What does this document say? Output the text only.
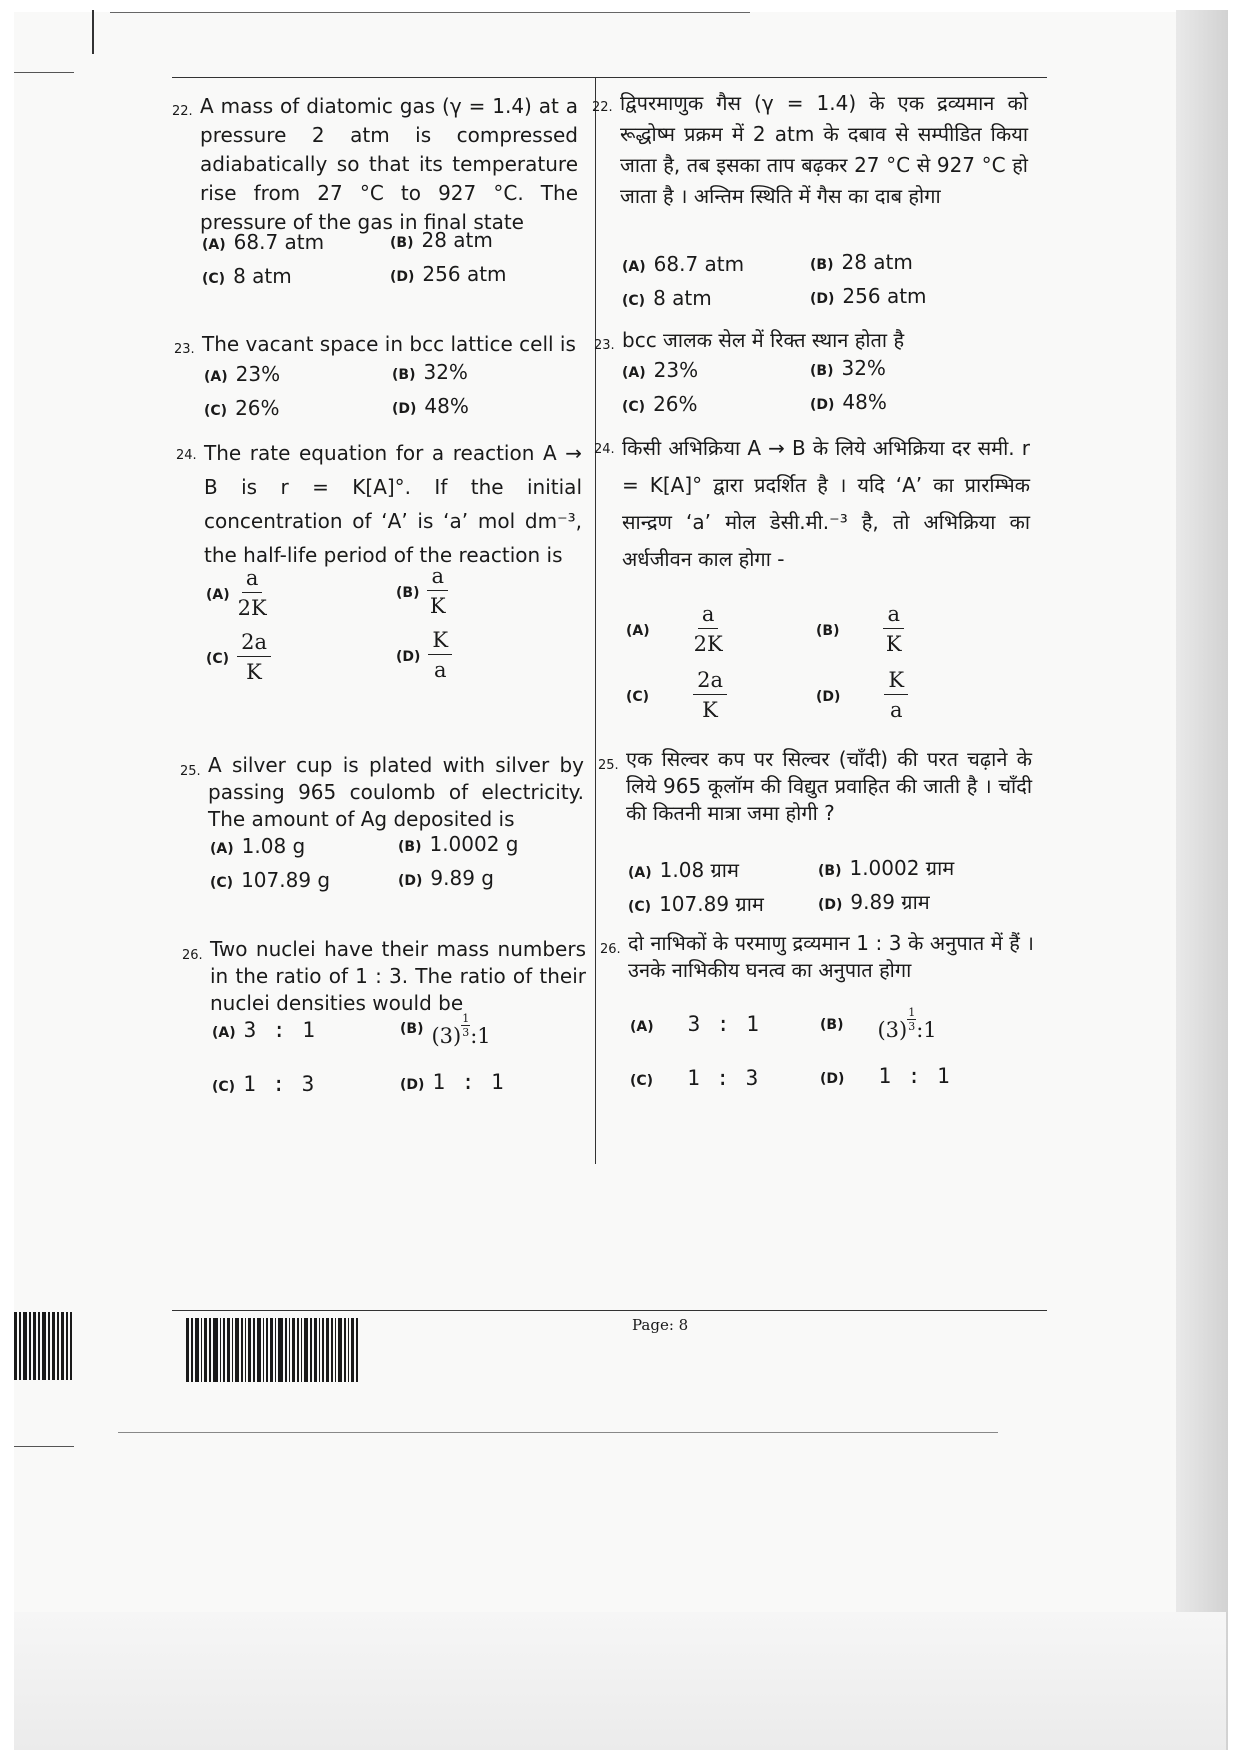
22. A mass of diatomic gas (γ = 1.4) at a pressure 2 atm is compressed adiabatically so that its temperature rise from 27 °C to 927 °C. The pressure of the gas in final state
(A) 68.7 atm	(B) 28 atm
(C) 8 atm	(D) 256 atm
23. The vacant space in bcc lattice cell is
(A) 23%	(B) 32%
(C) 26%	(D) 48%
24. The rate equation for a reaction A → B is r = K[A]°. If the initial concentration of ‘A’ is ‘a’ mol dm⁻³, the half-life period of the reaction is
$(A) \frac{a}{2K}$	$(B) \frac{a}{K}$
$(C) \frac{2a}{K}$	$(D) \frac{K}{a}$
25. A silver cup is plated with silver by passing 965 coulomb of electricity. The amount of Ag deposited is
(A) 1.08 g	(B) 1.0002 g
(C) 107.89 g	(D) 9.89 g
26. Two nuclei have their mass numbers in the ratio of 1 : 3. The ratio of their nuclei densities would be
(A) 3 : 1	(B) $(3) \frac{1}{3}$ :1
(C) 1 : 3	(D) 1 : 1
22. द्विपरमाणुक गैस (γ = 1.4) के एक द्रव्यमान को रूद्धोष्म प्रक्रम में 2 atm के दबाव से सम्पीडित किया जाता है, तब इसका ताप बढ़कर 27 °C से 927 °C हो जाता है । अन्तिम स्थिति में गैस का दाब होगा
(A) 68.7 atm	(B) 28 atm
(C) 8 atm	(D) 256 atm
23. bcc जालक सेल में रिक्त स्थान होता है
(A) 23%	(B) 32%
(C) 26%	(D) 48%
24. किसी अभिक्रिया A → B के लिये अभिक्रिया दर समी. r = K[A]° द्वारा प्रदर्शित है । यदि ‘A’ का प्रारम्भिक सान्द्रण ‘a’ मोल डेसी.मी.⁻³ है, तो अभिक्रिया का अर्धजीवन काल होगा -
$(A) \frac{a}{2K}$	$(B) \frac{a}{K}$
$(C) \frac{2a}{K}$	$(D) \frac{K}{a}$
25. एक सिल्वर कप पर सिल्वर (चाँदी) की परत चढ़ाने के लिये 965 कूलॉम की विद्युत प्रवाहित की जाती है । चाँदी की कितनी मात्रा जमा होगी ?
(A) 1.08 ग्राम	(B) 1.0002 ग्राम
(C) 107.89 ग्राम	(D) 9.89 ग्राम
26. दो नाभिकों के परमाणु द्रव्यमान 1 : 3 के अनुपात में हैं । उनके नाभिकीय घनत्व का अनुपात होगा
(A) 3 : 1	(B) $(3) \frac{1}{3}$ :1
(C) 1 : 3	(D) 1 : 1
Page: 8
